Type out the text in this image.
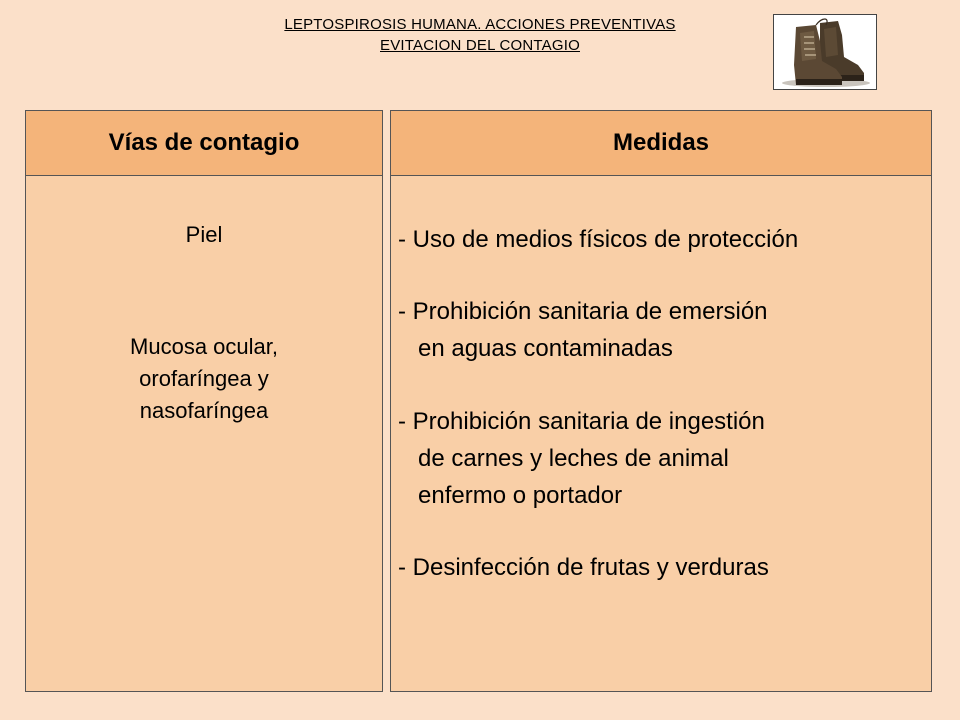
LEPTOSPIROSIS HUMANA. ACCIONES PREVENTIVAS
EVITACION DEL CONTAGIO
Vías de contagio
Piel
Mucosa ocular,
orofaríngea y
nasofaríngea
Medidas
- Uso de medios físicos de protección
- Prohibición sanitaria de emersión
en aguas contaminadas
- Prohibición sanitaria de ingestión
de carnes y leches de animal
enfermo o portador
- Desinfección de frutas y verduras
